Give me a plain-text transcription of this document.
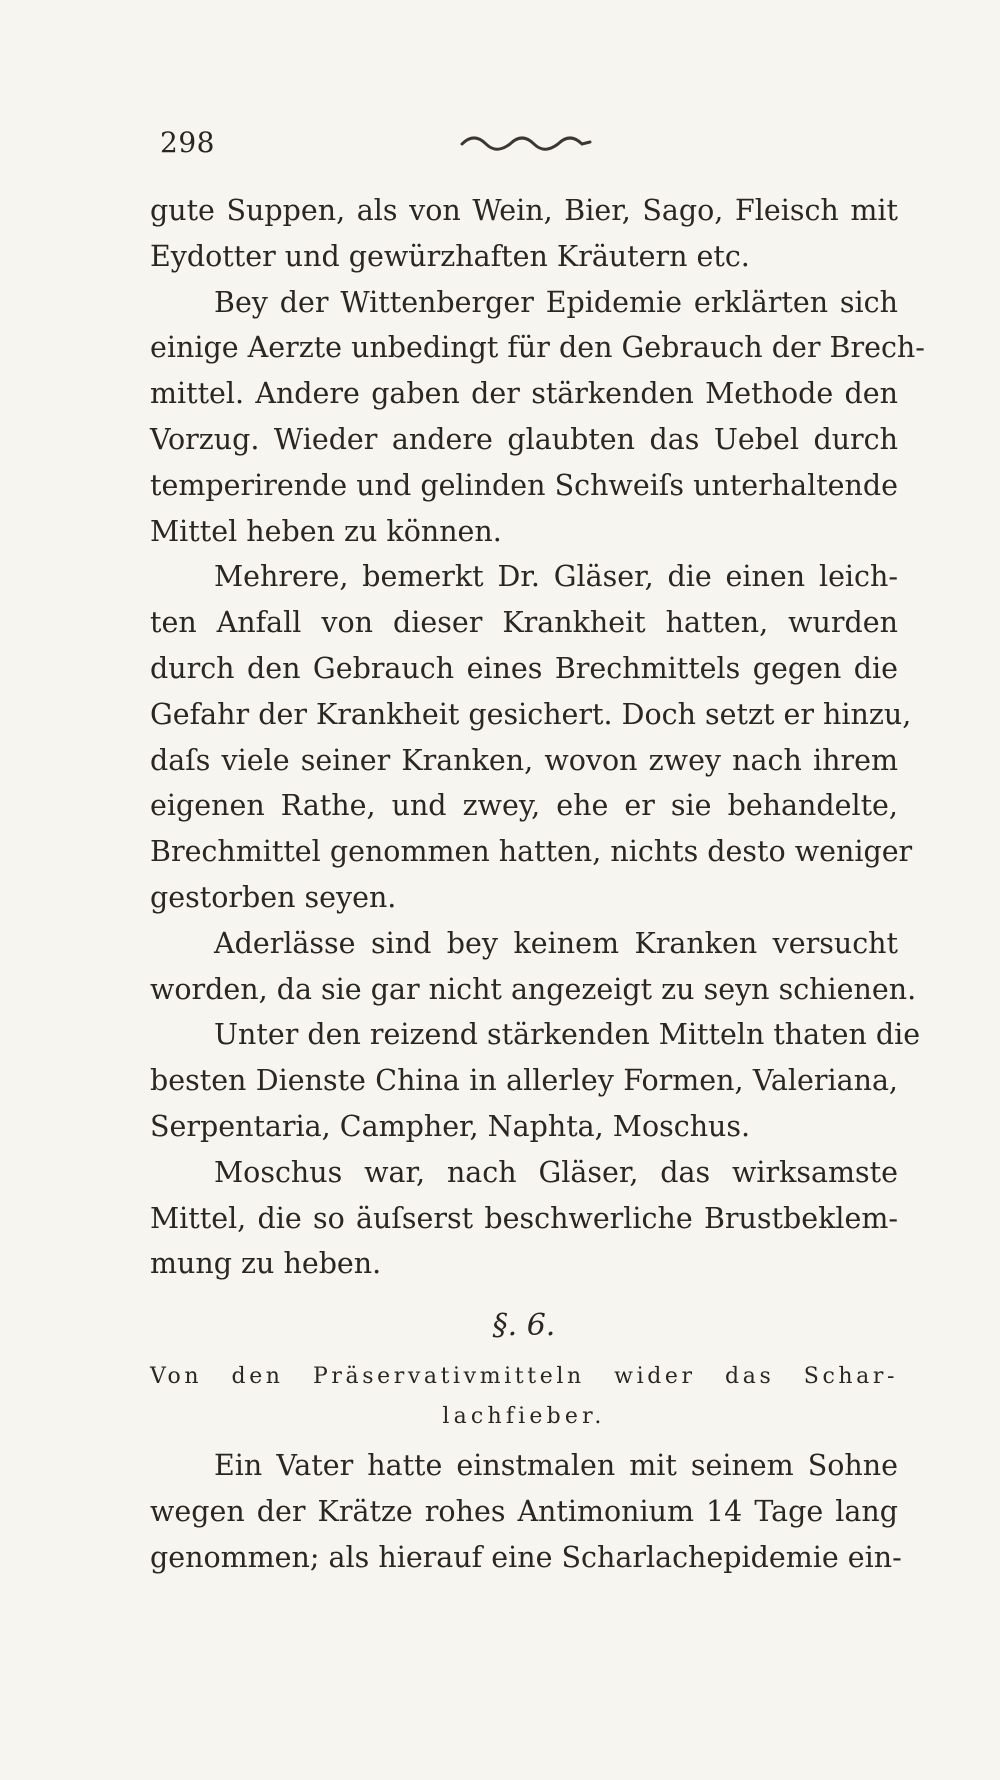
298
gute Suppen, als von Wein, Bier, Sago, Fleisch mit
Eydotter und gewürzhaften Kräutern etc.
Bey der Wittenberger Epidemie erklärten sich
einige Aerzte unbedingt für den Gebrauch der Brech-
mittel. Andere gaben der stärkenden Methode den
Vorzug. Wieder andere glaubten das Uebel durch
temperirende und gelinden Schweiſs unterhaltende
Mittel heben zu können.
Mehrere, bemerkt Dr. Gläser, die einen leich-
ten Anfall von dieser Krankheit hatten, wurden
durch den Gebrauch eines Brechmittels gegen die
Gefahr der Krankheit gesichert. Doch setzt er hinzu,
daſs viele seiner Kranken, wovon zwey nach ihrem
eigenen Rathe, und zwey, ehe er sie behandelte,
Brechmittel genommen hatten, nichts desto weniger
gestorben seyen.
Aderlässe sind bey keinem Kranken versucht
worden, da sie gar nicht angezeigt zu seyn schienen.
Unter den reizend stärkenden Mitteln thaten die
besten Dienste China in allerley Formen, Valeriana,
Serpentaria, Campher, Naphta, Moschus.
Moschus war, nach Gläser, das wirksamste
Mittel, die so äuſserst beschwerliche Brustbeklem-
mung zu heben.
§. 6.
Von den Präservativmitteln wider das Schar-
lachfieber.
Ein Vater hatte einstmalen mit seinem Sohne
wegen der Krätze rohes Antimonium 14 Tage lang
genommen; als hierauf eine Scharlachepidemie ein-
